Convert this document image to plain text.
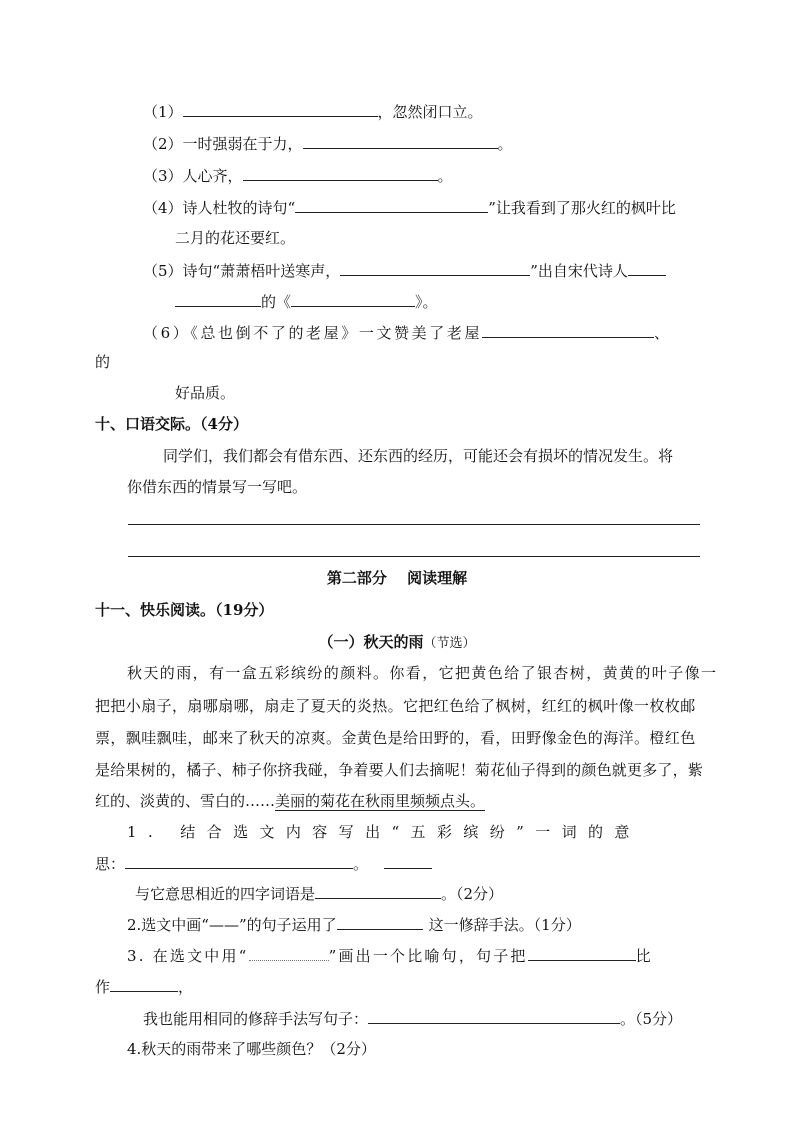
（1）	，忽然闭口立。
（2）一时强弱在于力，	。
（3）人心齐，	。
（4）诗人杜牧的诗句“	”让我看到了那火红的枫叶比
二月的花还要红。
（5）诗句“萧萧梧叶送寒声，	”出自宋代诗人
的《	》。
（6）《总也倒不了的老屋》一文赞美了老屋	、
的
好品质。
十、口语交际。（4分）
同学们，我们都会有借东西、还东西的经历，可能还会有损坏的情况发生。将
你借东西的情景写一写吧。
第二部分　 阅读理解
十一、快乐阅读。（19分）
（一）秋天的雨（节选）
秋天的雨，有一盒五彩缤纷的颜料。你看，它把黄色给了银杏树，黄黄的叶子像一
把把小扇子，扇哪扇哪，扇走了夏天的炎热。它把红色给了枫树，红红的枫叶像一枚枚邮
票，飘哇飘哇，邮来了秋天的凉爽。金黄色是给田野的，看，田野像金色的海洋。橙红色
是给果树的，橘子、柿子你挤我碰，争着要人们去摘呢！菊花仙子得到的颜色就更多了，紫
红的、淡黄的、雪白的……美丽的菊花在秋雨里频频点头。
1. 结合选文内容写出“五彩缤纷”一词的意
思：	。
与它意思相近的四字词语是	。（2分）
2.选文中画“——”的句子运用了	这一修辞手法。（1分）
3. 在选文中用“	”画出一个比喻句，句子把	比
作	，
我也能用相同的修辞手法写句子：	。（5分）
4.秋天的雨带来了哪些颜色？（2分）
